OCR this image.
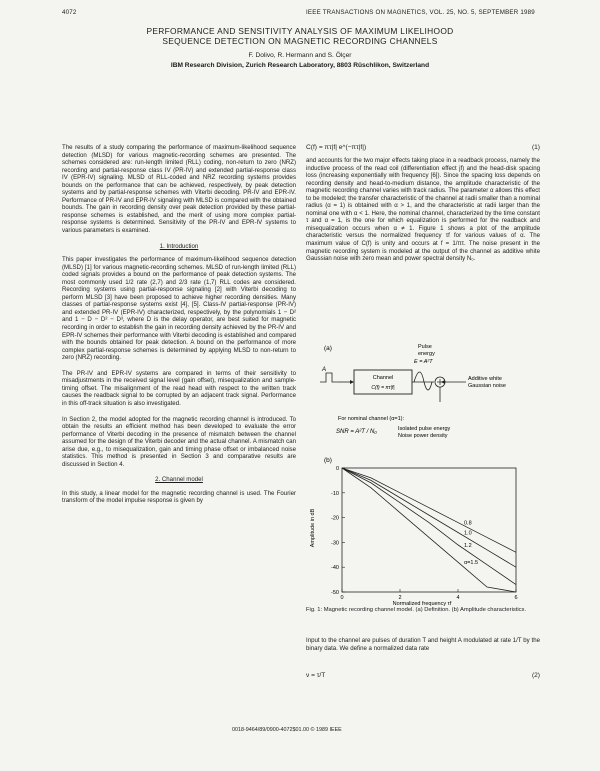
4072	IEEE TRANSACTIONS ON MAGNETICS, VOL. 25, NO. 5, SEPTEMBER 1989
PERFORMANCE AND SENSITIVITY ANALYSIS OF MAXIMUM LIKELIHOOD
SEQUENCE DETECTION ON MAGNETIC RECORDING CHANNELS
F. Dolivo, R. Hermann and S. Ölçer
IBM Research Division, Zurich Research Laboratory, 8803 Rüschlikon, Switzerland

The results of a study comparing the performance of maximum-likelihood sequence detection (MLSD) for various magnetic-recording schemes are presented. The schemes considered are: run-length limited (RLL) coding, non-return to zero (NRZ) recording and partial-response class IV (PR-IV) and extended partial-response class IV (EPR-IV) signaling. MLSD of RLL-coded and NRZ recording systems provides bounds on the performance that can be achieved, respectively, by peak detection systems and by partial-response schemes with Viterbi decoding. PR-IV and EPR-IV. Performance of PR-IV and EPR-IV signaling with MLSD is compared with the obtained bounds. The gain in recording density over peak detection provided by these partial-response schemes is established, and the merit of using more complex partial-response systems is determined. Sensitivity of the PR-IV and EPR-IV systems to various parameters is examined.

1. Introduction

This paper investigates the performance of maximum-likelihood sequence detection (MLSD) [1] for various magnetic-recording schemes. MLSD of run-length limited (RLL) coded signals provides a bound on the performance of peak detection systems. The most commonly used 1/2 rate (2,7) and 2/3 rate (1,7) RLL codes are considered. Recording systems using partial-response signaling [2] with Viterbi decoding to perform MLSD [3] have been proposed to achieve higher recording densities. Many classes of partial-response systems exist [4], [5]. Class-IV partial-response (PR-IV) and extended PR-IV (EPR-IV) characterized, respectively, by the polynomials 1 − D² and 1 − D − D² − D³, where D is the delay operator, are best suited for magnetic recording in order to establish the gain in recording density achieved by the PR-IV and EPR-IV schemes their performance with Viterbi decoding is established and compared with the bounds obtained for peak detection. A bound on the performance of more complex partial-response schemes is determined by applying MLSD to non-return to zero (NRZ) recording.

The PR-IV and EPR-IV systems are compared in terms of their sensitivity to misadjustments in the received signal level (gain offset), misequalization and sample-timing offset. The misalignment of the read head with respect to the written track causes the readback signal to be corrupted by an adjacent track signal. Performance in this off-track situation is also investigated.

In Section 2, the model adopted for the magnetic recording channel is introduced. To obtain the results an efficient method has been developed to evaluate the error performance of Viterbi decoding in the presence of mismatch between the channel assumed for the design of the Viterbi decoder and the actual channel. A mismatch can arise due, e.g., to misequalization, gain and timing phase offset or imbalanced noise statistics. This method is presented in Section 3 and comparative results are discussed in Section 4.

2. Channel model

In this study, a linear model for the magnetic recording channel is used. The Fourier transform of the model impulse response is given by

C(f) = πτ|f| e^(−πτ|f|)	(1)

and accounts for the two major effects taking place in a readback process, namely the inductive process of the read coil (differentiation effect jf) and the head-disk spacing loss (increasing exponentially with frequency [6]). Since the spacing loss depends on recording density and head-to-medium distance, the amplitude characteristic of the magnetic recording channel varies with track radius. The parameter α allows this effect to be modeled; the transfer characteristic of the channel at radii smaller than a nominal radius (α = 1) is obtained with α > 1, and the characteristic at radii larger than the nominal one with α < 1. Here, the nominal channel, characterized by the time constant τ and α = 1, is the one for which equalization is performed for the readback and misequalization occurs when α ≠ 1. Figure 1 shows a plot of the amplitude characteristic versus the normalized frequency τf for various values of α. The maximum value of C(f) is unity and occurs at f = 1/πτ. The noise present in the magnetic recording system is modeled at the output of the channel as additive white Gaussian noise with zero mean and power spectral density N₀.

(a)	Pulse
energy
E = A²T
A
Channel
C(f) = πτ|f|
Additive white
Gaussian noise
For nominal channel (α=1):
SNR = A²T / N₀	Isolated pulse energy
Noise power density
(b)
0	2	4	6
0
-10
-20
-30
-40
-50
0.8
1.0
1.2
α=1.5
Normalized frequency τf
Amplitude in dB
Fig. 1: Magnetic recording channel model. (a) Definition. (b) Amplitude characteristics.

Input to the channel are pulses of duration T and height A modulated at rate 1/T by the binary data. We define a normalized data rate

ν = τ/T	(2)
0018-9464/89/0900-4072$01.00 © 1989 IEEE
